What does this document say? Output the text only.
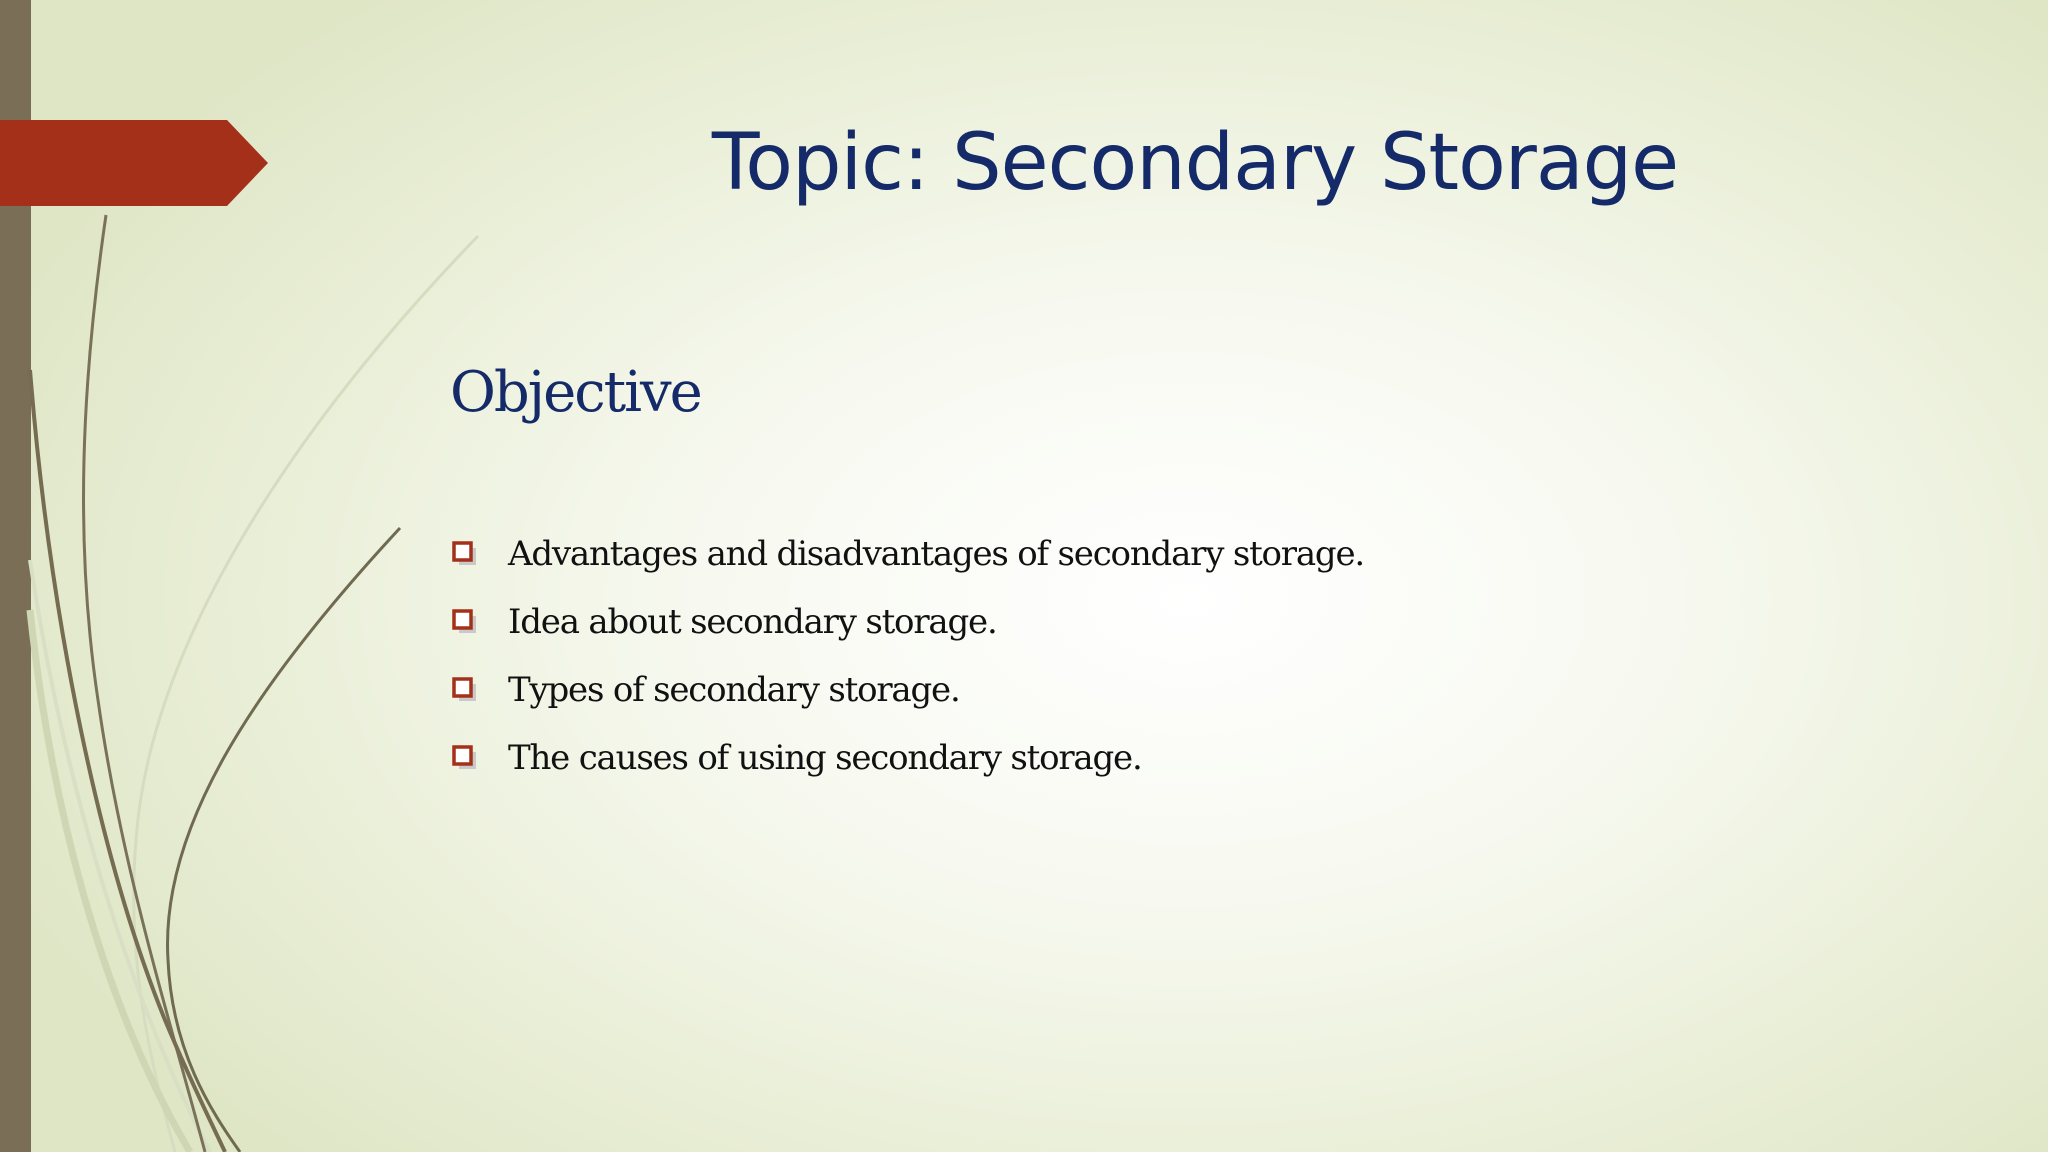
Topic: Secondary Storage
Objective
Advantages and disadvantages of secondary storage.
Idea about secondary storage.
Types of secondary storage.
The causes of using secondary storage.
